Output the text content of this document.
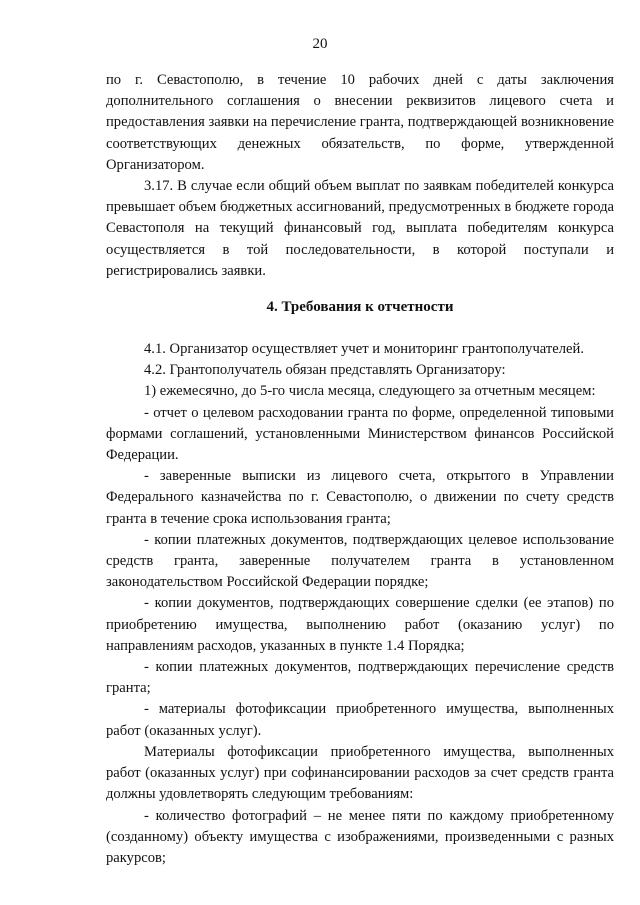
20

по г. Севастополю, в течение 10 рабочих дней с даты заключения дополнительного соглашения о внесении реквизитов лицевого счета и предоставления заявки на перечисление гранта, подтверждающей возникновение соответствующих денежных обязательств, по форме, утвержденной Организатором.

3.17. В случае если общий объем выплат по заявкам победителей конкурса превышает объем бюджетных ассигнований, предусмотренных в бюджете города Севастополя на текущий финансовый год, выплата победителям конкурса осуществляется в той последовательности, в которой поступали и регистрировались заявки.

4. Требования к отчетности

4.1. Организатор осуществляет учет и мониторинг грантополучателей.

4.2. Грантополучатель обязан представлять Организатору:

1) ежемесячно, до 5-го числа месяца, следующего за отчетным месяцем:

- отчет о целевом расходовании гранта по форме, определенной типовыми формами соглашений, установленными Министерством финансов Российской Федерации.

- заверенные выписки из лицевого счета, открытого в Управлении Федерального казначейства по г. Севастополю, о движении по счету средств гранта в течение срока использования гранта;

- копии платежных документов, подтверждающих целевое использование средств гранта, заверенные получателем гранта в установленном законодательством Российской Федерации порядке;

- копии документов, подтверждающих совершение сделки (ее этапов) по приобретению имущества, выполнению работ (оказанию услуг) по направлениям расходов, указанных в пункте 1.4 Порядка;

- копии платежных документов, подтверждающих перечисление средств гранта;

- материалы фотофиксации приобретенного имущества, выполненных работ (оказанных услуг).

Материалы фотофиксации приобретенного имущества, выполненных работ (оказанных услуг) при софинансировании расходов за счет средств гранта должны удовлетворять следующим требованиям:

- количество фотографий – не менее пяти по каждому приобретенному (созданному) объекту имущества с изображениями, произведенными с разных ракурсов;
